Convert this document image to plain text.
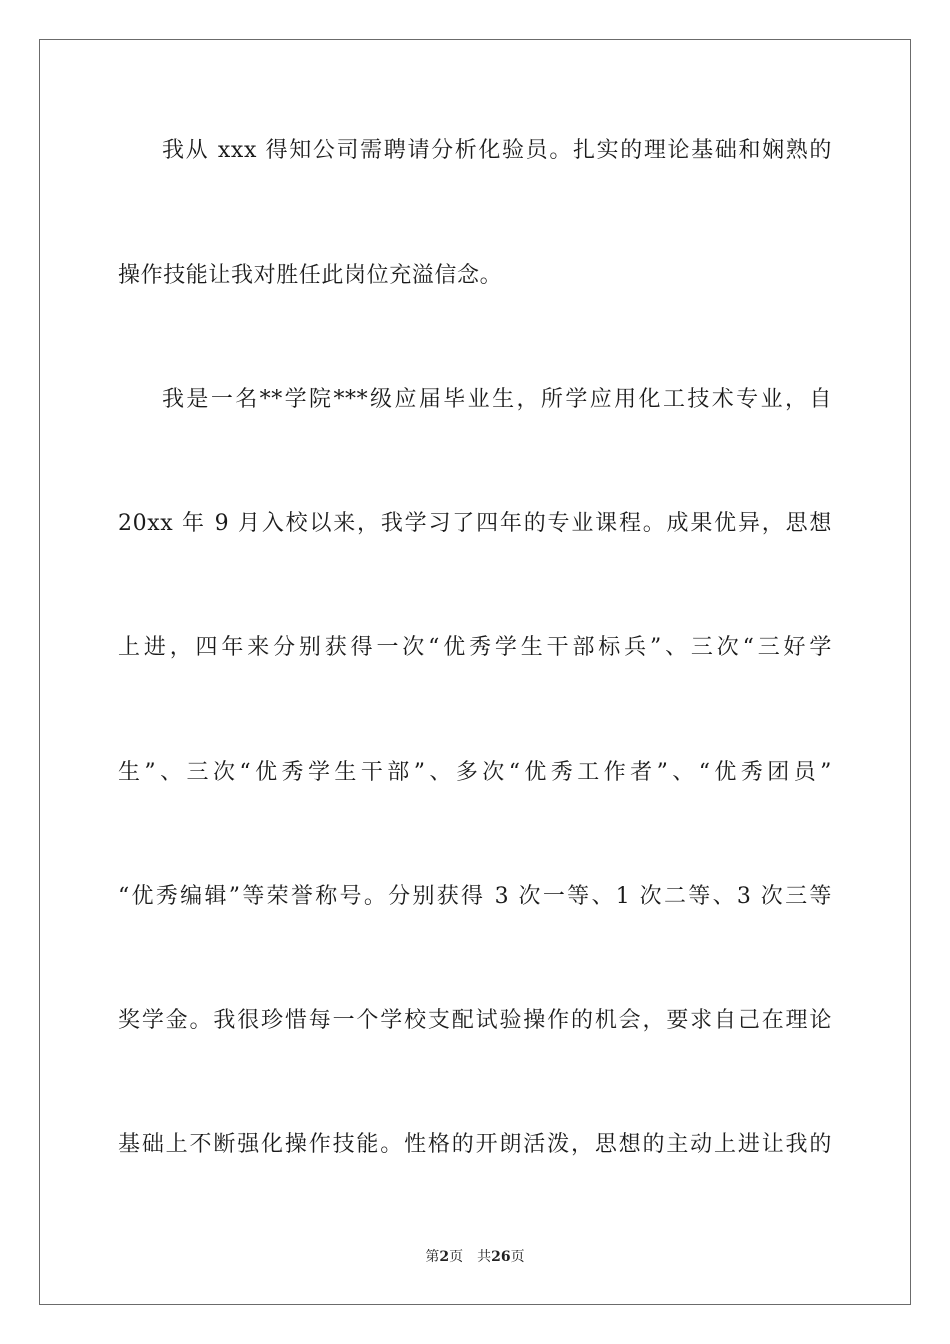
我从 xxx 得知公司需聘请分析化验员。扎实的理论基础和娴熟的
操作技能让我对胜任此岗位充溢信念。
我是一名**学院***级应届毕业生，所学应用化工技术专业，自
20xx 年 9 月入校以来，我学习了四年的专业课程。成果优异，思想
上进，四年来分别获得一次“优秀学生干部标兵”、三次“三好学
生”、三次“优秀学生干部”、多次“优秀工作者”、“优秀团员”
“优秀编辑”等荣誉称号。分别获得 3 次一等、1 次二等、3 次三等
奖学金。我很珍惜每一个学校支配试验操作的机会，要求自己在理论
基础上不断强化操作技能。性格的开朗活泼，思想的主动上进让我的
第2页 共26页
